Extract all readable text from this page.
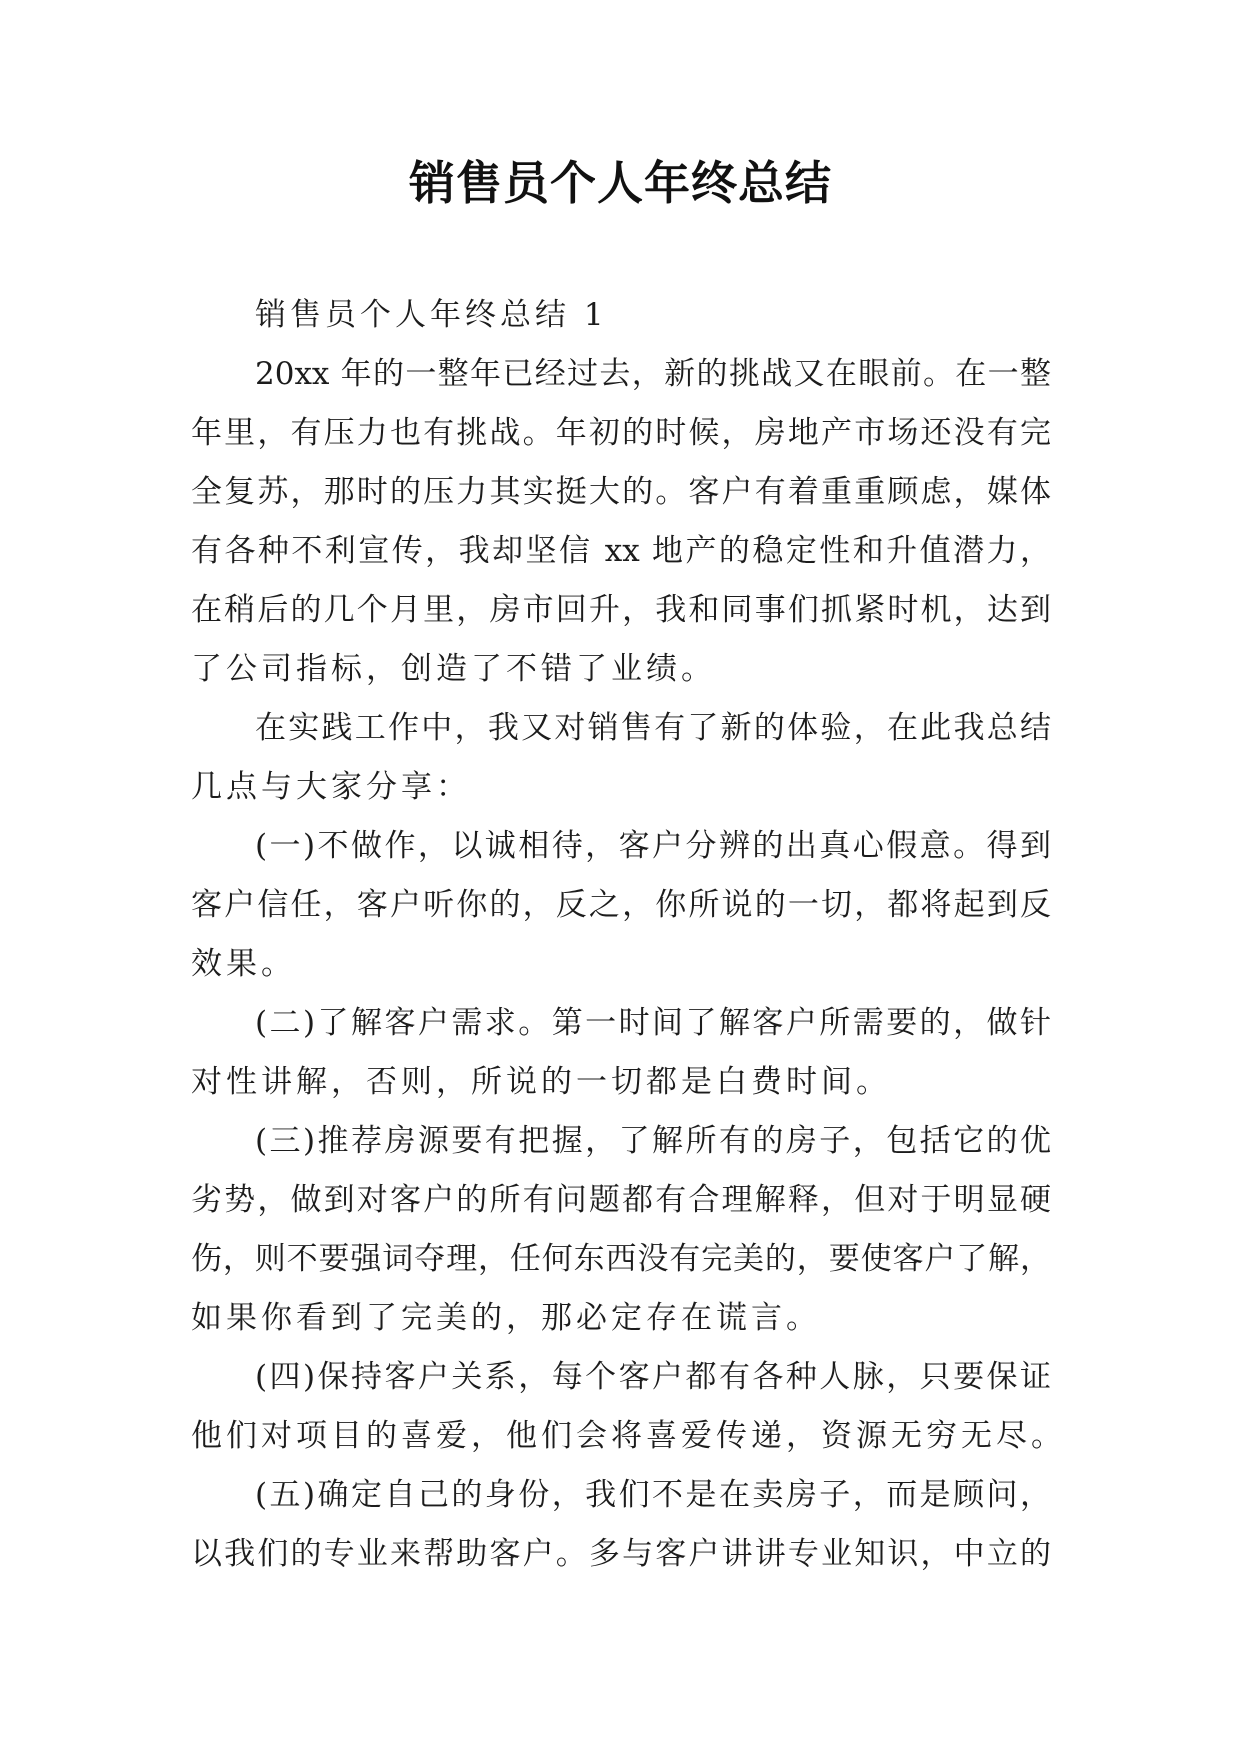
销售员个人年终总结
销售员个人年终总结 1
20xx 年的一整年已经过去，新的挑战又在眼前。在一整
年里，有压力也有挑战。年初的时候，房地产市场还没有完
全复苏，那时的压力其实挺大的。客户有着重重顾虑，媒体
有各种不利宣传，我却坚信 xx 地产的稳定性和升值潜力，
在稍后的几个月里，房市回升，我和同事们抓紧时机，达到
了公司指标，创造了不错了业绩。
在实践工作中，我又对销售有了新的体验，在此我总结
几点与大家分享：
(一)不做作，以诚相待，客户分辨的出真心假意。得到
客户信任，客户听你的，反之，你所说的一切，都将起到反
效果。
(二)了解客户需求。第一时间了解客户所需要的，做针
对性讲解，否则，所说的一切都是白费时间。
(三)推荐房源要有把握，了解所有的房子，包括它的优
劣势，做到对客户的所有问题都有合理解释，但对于明显硬
伤，则不要强词夺理，任何东西没有完美的，要使客户了解，
如果你看到了完美的，那必定存在谎言。
(四)保持客户关系，每个客户都有各种人脉，只要保证
他们对项目的喜爱，他们会将喜爱传递，资源无穷无尽。
(五)确定自己的身份，我们不是在卖房子，而是顾问，
以我们的专业来帮助客户。多与客户讲讲专业知识，中立的
